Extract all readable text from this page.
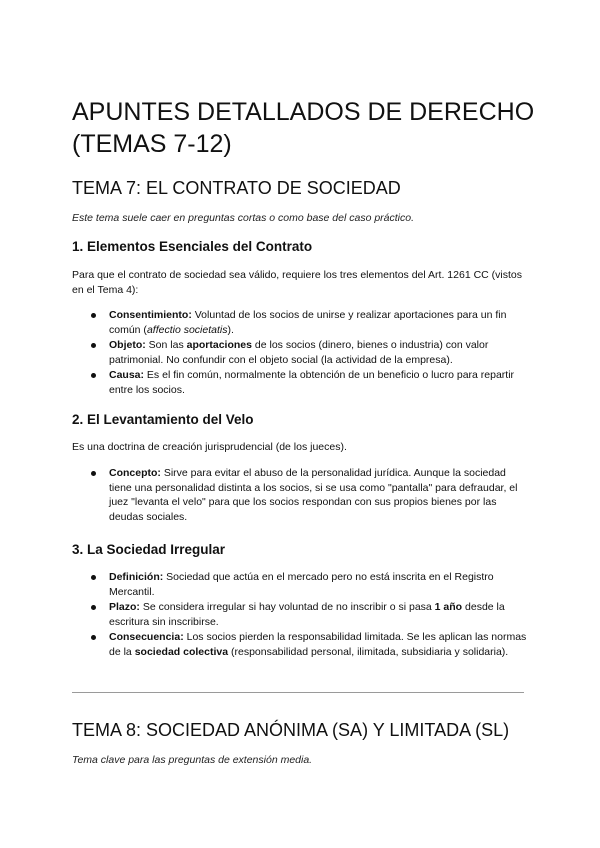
APUNTES DETALLADOS DE DERECHO (TEMAS 7-12)
TEMA 7: EL CONTRATO DE SOCIEDAD
Este tema suele caer en preguntas cortas o como base del caso práctico.
1. Elementos Esenciales del Contrato

Para que el contrato de sociedad sea válido, requiere los tres elementos del Art. 1261 CC (vistos en el Tema 4):

Consentimiento: Voluntad de los socios de unirse y realizar aportaciones para un fin común (affectio societatis).
Objeto: Son las aportaciones de los socios (dinero, bienes o industria) con valor patrimonial. No confundir con el objeto social (la actividad de la empresa).
Causa: Es el fin común, normalmente la obtención de un beneficio o lucro para repartir entre los socios.
2. El Levantamiento del Velo

Es una doctrina de creación jurisprudencial (de los jueces).

Concepto: Sirve para evitar el abuso de la personalidad jurídica. Aunque la sociedad tiene una personalidad distinta a los socios, si se usa como "pantalla" para defraudar, el juez "levanta el velo" para que los socios respondan con sus propios bienes por las deudas sociales.
3. La Sociedad Irregular
Definición: Sociedad que actúa en el mercado pero no está inscrita en el Registro Mercantil.
Plazo: Se considera irregular si hay voluntad de no inscribir o si pasa 1 año desde la escritura sin inscribirse.
Consecuencia: Los socios pierden la responsabilidad limitada. Se les aplican las normas de la sociedad colectiva (responsabilidad personal, ilimitada, subsidiaria y solidaria).
TEMA 8: SOCIEDAD ANÓNIMA (SA) Y LIMITADA (SL)
Tema clave para las preguntas de extensión media.
